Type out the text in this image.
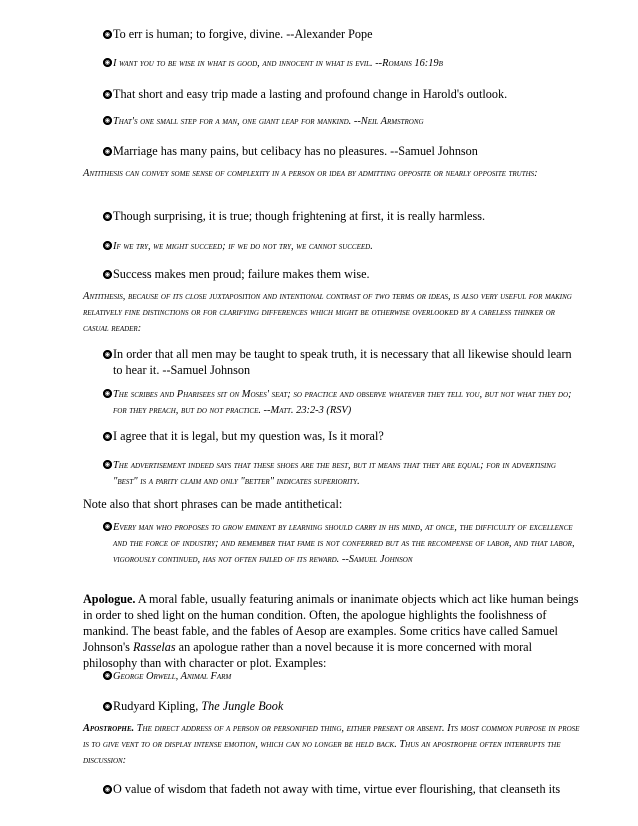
To err is human; to forgive, divine. --Alexander Pope
I want you to be wise in what is good, and innocent in what is evil. --Romans 16:19b
That short and easy trip made a lasting and profound change in Harold's outlook.
That's one small step for a man, one giant leap for mankind. --Neil Armstrong
Marriage has many pains, but celibacy has no pleasures. --Samuel Johnson

Antithesis can convey some sense of complexity in a person or idea by admitting opposite or nearly opposite truths:

Though surprising, it is true; though frightening at first, it is really harmless.
If we try, we might succeed; if we do not try, we cannot succeed.
Success makes men proud; failure makes them wise.

Antithesis, because of its close juxtaposition and intentional contrast of two terms or ideas, is also very useful for making relatively fine distinctions or for clarifying differences which might be otherwise overlooked by a careless thinker or casual reader:

In order that all men may be taught to speak truth, it is necessary that all likewise should learn to hear it. --Samuel Johnson
The scribes and Pharisees sit on Moses' seat; so practice and observe whatever they tell you, but not what they do; for they preach, but do not practice. --Matt. 23:2-3 (RSV)
I agree that it is legal, but my question was, Is it moral?
The advertisement indeed says that these shoes are the best, but it means that they are equal; for in advertising "best" is a parity claim and only "better" indicates superiority.

Note also that short phrases can be made antithetical:

Every man who proposes to grow eminent by learning should carry in his mind, at once, the difficulty of excellence and the force of industry; and remember that fame is not conferred but as the recompense of labor, and that labor, vigorously continued, has not often failed of its reward. --Samuel Johnson

Apologue. A moral fable, usually featuring animals or inanimate objects which act like human beings in order to shed light on the human condition. Often, the apologue highlights the foolishness of mankind. The beast fable, and the fables of Aesop are examples. Some critics have called Samuel Johnson's Rasselas an apologue rather than a novel because it is more concerned with moral philosophy than with character or plot. Examples:

George Orwell, Animal Farm
Rudyard Kipling, The Jungle Book

Apostrophe. The direct address of a person or personified thing, either present or absent. Its most common purpose in prose is to give vent to or display intense emotion, which can no longer be held back. Thus an apostrophe often interrupts the discussion:

O value of wisdom that fadeth not away with time, virtue ever flourishing, that cleanseth its
